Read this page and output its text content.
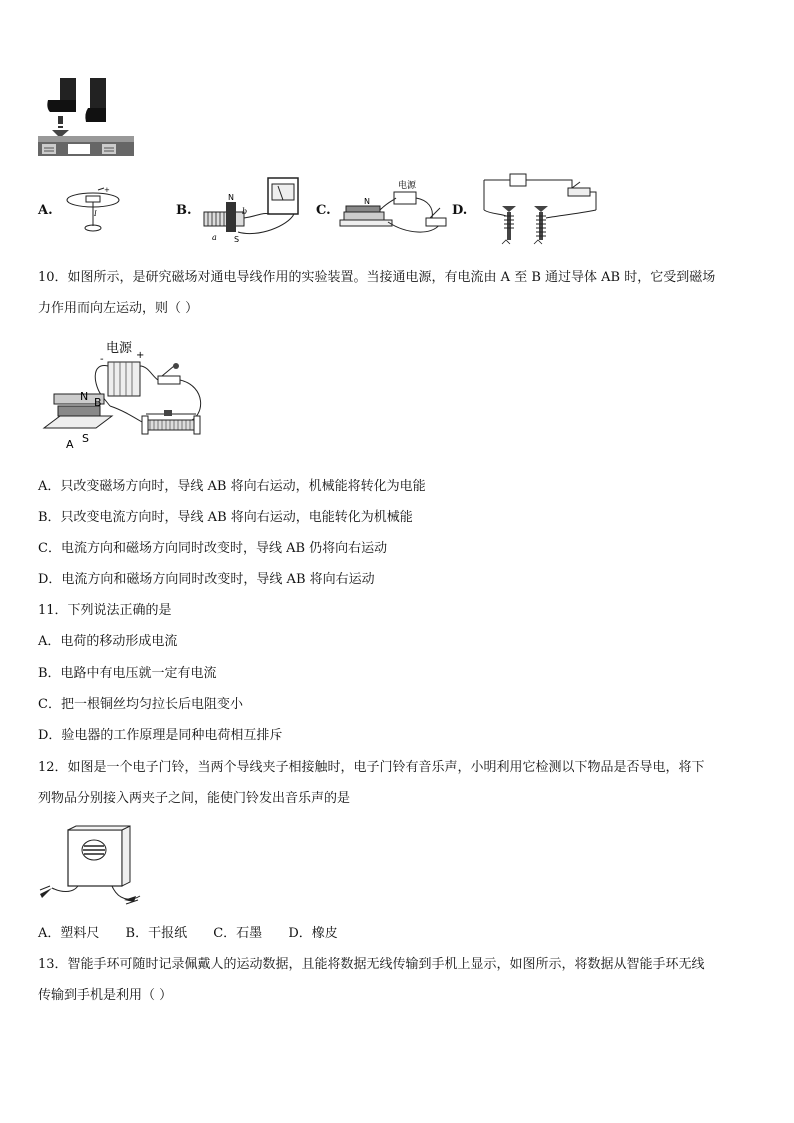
A.
+
I	B.
N
b
a S
C.
电源
N
D.
10．如图所示，是研究磁场对通电导线作用的实验装置。当接通电源，有电流由 A 至 B 通过导体 AB 时，它受到磁场
力作用而向左运动，则（ ）
电源
-	+
N B
A S
A．只改变磁场方向时，导线 AB 将向右运动，机械能将转化为电能
B．只改变电流方向时，导线 AB 将向右运动，电能转化为机械能
C．电流方向和磁场方向同时改变时，导线 AB 仍将向右运动
D．电流方向和磁场方向同时改变时，导线 AB 将向右运动
11．下列说法正确的是
A．电荷的移动形成电流
B．电路中有电压就一定有电流
C．把一根铜丝均匀拉长后电阻变小
D．验电器的工作原理是同种电荷相互排斥
12．如图是一个电子门铃，当两个导线夹子相接触时，电子门铃有音乐声，小明利用它检测以下物品是否导电，将下
列物品分别接入两夹子之间，能使门铃发出音乐声的是
A．塑料尺 B．干报纸 C．石墨 D．橡皮
13．智能手环可随时记录佩戴人的运动数据，且能将数据无线传输到手机上显示，如图所示，将数据从智能手环无线
传输到手机是利用（ ）
